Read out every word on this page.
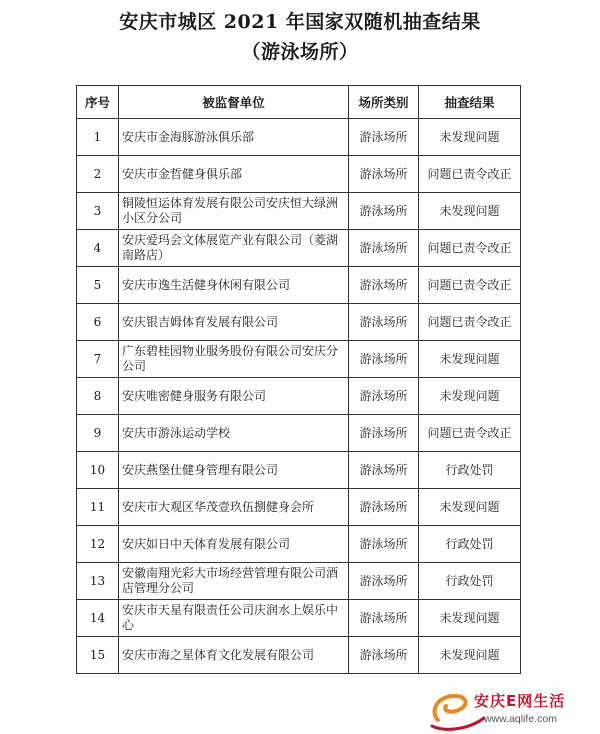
安庆市城区 2021 年国家双随机抽查结果
（游泳场所）
序号	被监督单位	场所类别	抽查结果
1	安庆市金海豚游泳俱乐部	游泳场所	未发现问题
2	安庆市金哲健身俱乐部	游泳场所	问题已责令改正
3	铜陵恒运体育发展有限公司安庆恒大绿洲小区分公司	游泳场所	未发现问题
4	安庆爱玛会文体展览产业有限公司（菱湖南路店）	游泳场所	问题已责令改正
5	安庆市逸生活健身休闲有限公司	游泳场所	问题已责令改正
6	安庆银吉姆体育发展有限公司	游泳场所	问题已责令改正
7	广东碧桂园物业服务股份有限公司安庆分公司	游泳场所	未发现问题
8	安庆唯密健身服务有限公司	游泳场所	未发现问题
9	安庆市游泳运动学校	游泳场所	问题已责令改正
10	安庆燕堡仕健身管理有限公司	游泳场所	行政处罚
11	安庆市大观区华茂壹玖伍捌健身会所	游泳场所	未发现问题
12	安庆如日中天体育发展有限公司	游泳场所	行政处罚
13	安徽南翔光彩大市场经营管理有限公司酒店管理分公司	游泳场所	行政处罚
14	安庆市天星有限责任公司庆润水上娱乐中心	游泳场所	未发现问题
15	安庆市海之星体育文化发展有限公司	游泳场所	未发现问题
安庆E网生活
www.aqlife.com
